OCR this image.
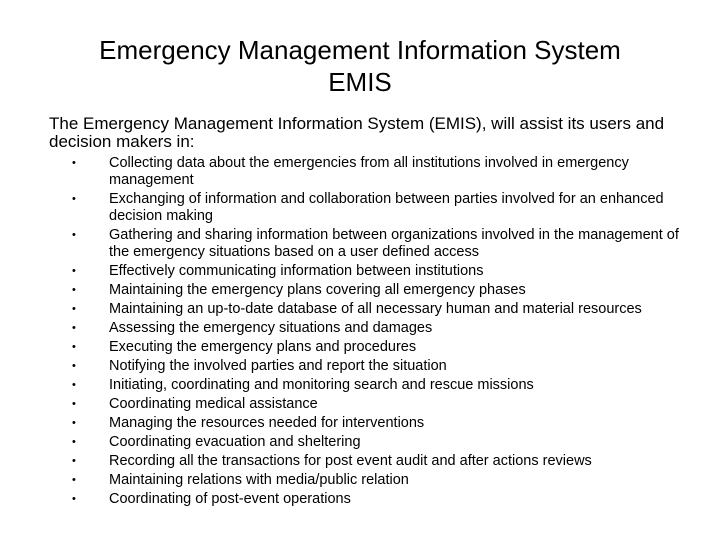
Emergency Management Information System
EMIS

The Emergency Management Information System (EMIS), will assist its users and decision makers in:

• Collecting data about the emergencies from all institutions involved in emergency management
• Exchanging of information and collaboration between parties involved for an enhanced decision making
• Gathering and sharing information between organizations involved in the management of the emergency situations based on a user defined access
• Effectively communicating information between institutions
• Maintaining the emergency plans covering all emergency phases
• Maintaining an up-to-date database of all necessary human and material resources
• Assessing the emergency situations and damages
• Executing the emergency plans and procedures
• Notifying the involved parties and report the situation
• Initiating, coordinating and monitoring search and rescue missions
• Coordinating medical assistance
• Managing the resources needed for interventions
• Coordinating evacuation and sheltering
• Recording all the transactions for post event audit and after actions reviews
• Maintaining relations with media/public relation
• Coordinating of post-event operations
